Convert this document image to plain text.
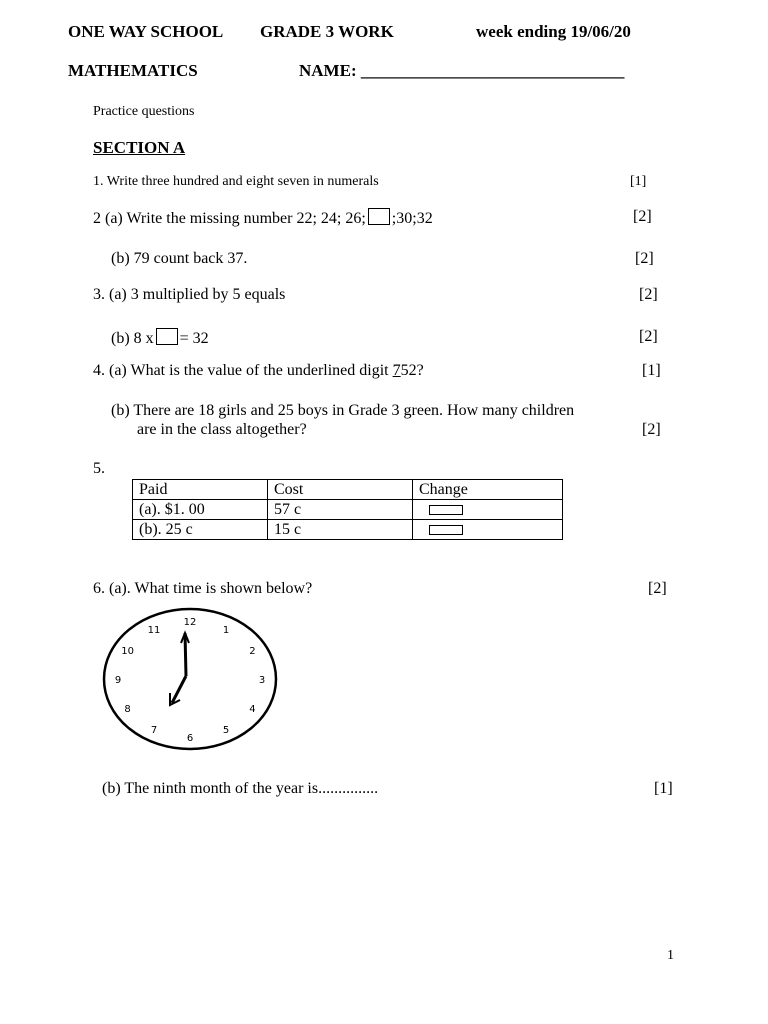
ONE WAY SCHOOL GRADE 3 WORK	week ending 19/06/20
MATHEMATICS	NAME: _______________________________
Practice questions
SECTION A
1. Write three hundred and eight seven in numerals	[1]
2 (a) Write the missing number 22; 24; 26; ;30;32	[2]
(b) 79 count back 37.	[2]
3. (a) 3 multiplied by 5 equals	[2]
(b) 8 x = 32	[2]
4. (a) What is the value of the underlined digit 752?	[1]
(b) There are 18 girls and 25 boys in Grade 3 green. How many children
are in the class altogether?	[2]
5.
Paid	Cost	Change
(a). $1. 00	57 c	
(b). 25 c	15 c	
6. (a). What time is shown below?	[2]
12
1
2
3
4
5
6
7
8
9
10
11
(b) The ninth month of the year is...............	[1]
1
